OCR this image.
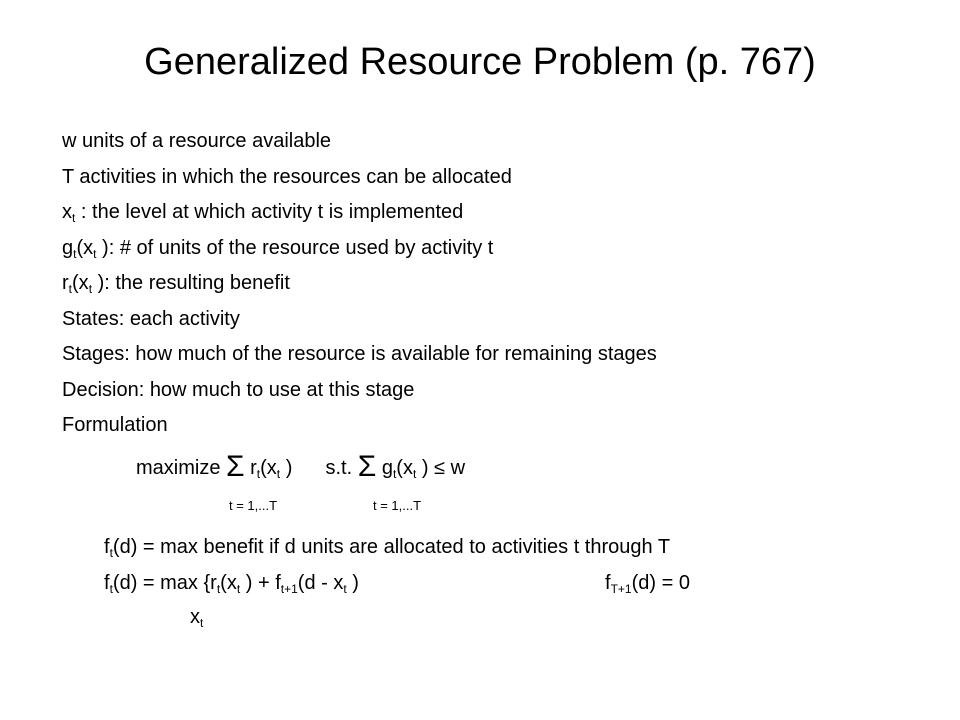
Generalized Resource Problem (p. 767)
w units of a resource available
T activities in which the resources can be allocated
$x_t$ : the level at which activity t is implemented
$g_t(x_t$ ): # of units of the resource used by activity t
$r_t(x_t$ ): the resulting benefit
States: each activity
Stages: how much of the resource is available for remaining stages
Decision: how much to use at this stage
Formulation
maximize Σ $r_t(x_t$ )  s.t. Σ $g_t(x_t$ ) ≤ w
t = 1,...T	t = 1,...T
$f_t(d) = \max$ benefit if d units are allocated to activities t through T
$f_t(d) = \max \{r_t(x_t$ ) + $f_{t+1}(d - x_t$ )	$f_{T+1}(d) = 0$
$x_t$
